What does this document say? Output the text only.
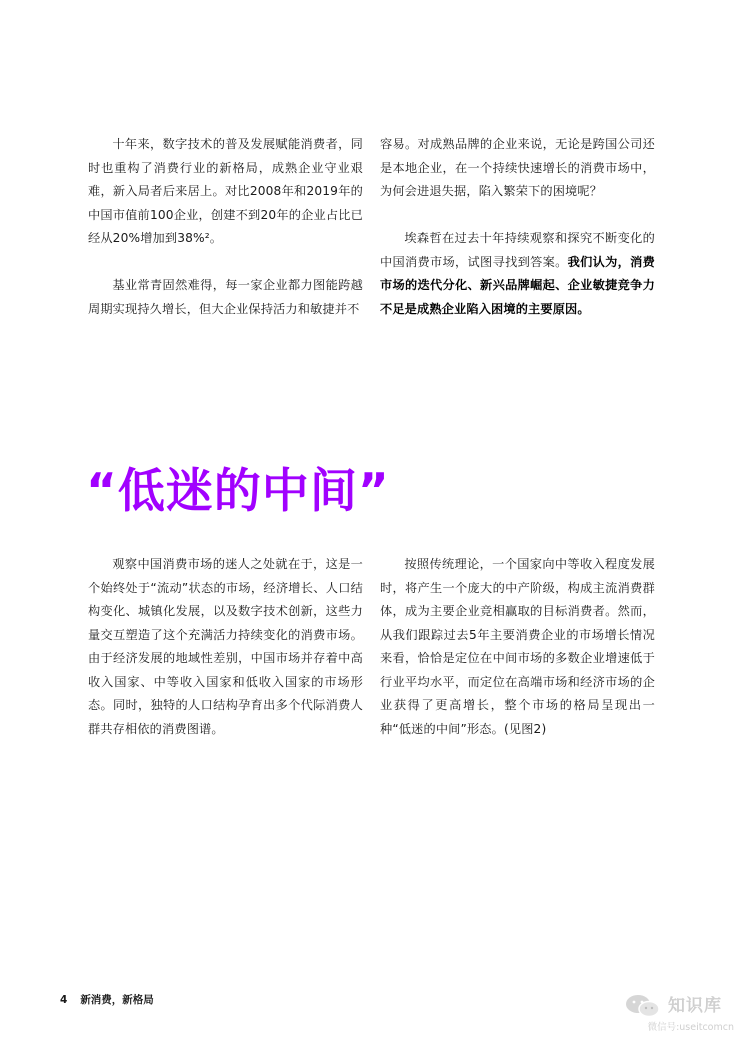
十年来，数字技术的普及发展赋能消费者，同时也重构了消费行业的新格局，成熟企业守业艰难，新入局者后来居上。对比2008年和2019年的中国市值前100企业，创建不到20年的企业占比已经从20%增加到38%²。

基业常青固然难得，每一家企业都力图能跨越周期实现持久增长，但大企业保持活力和敏捷并不

容易。对成熟品牌的企业来说，无论是跨国公司还是本地企业，在一个持续快速增长的消费市场中，为何会进退失据，陷入繁荣下的困境呢？

埃森哲在过去十年持续观察和探究不断变化的中国消费市场，试图寻找到答案。我们认为，消费市场的迭代分化、新兴品牌崛起、企业敏捷竞争力不足是成熟企业陷入困境的主要原因。

“低迷的中间”

观察中国消费市场的迷人之处就在于，这是一个始终处于“流动”状态的市场，经济增长、人口结构变化、城镇化发展，以及数字技术创新，这些力量交互塑造了这个充满活力持续变化的消费市场。由于经济发展的地域性差别，中国市场并存着中高收入国家、中等收入国家和低收入国家的市场形态。同时，独特的人口结构孕育出多个代际消费人群共存相依的消费图谱。

按照传统理论，一个国家向中等收入程度发展时，将产生一个庞大的中产阶级，构成主流消费群体，成为主要企业竞相赢取的目标消费者。然而，从我们跟踪过去5年主要消费企业的市场增长情况来看，恰恰是定位在中间市场的多数企业增速低于行业平均水平，而定位在高端市场和经济市场的企业获得了更高增长，整个市场的格局呈现出一种“低迷的中间”形态。(见图2)

4 新消费，新格局	知识库
微信号:useitcomcn
